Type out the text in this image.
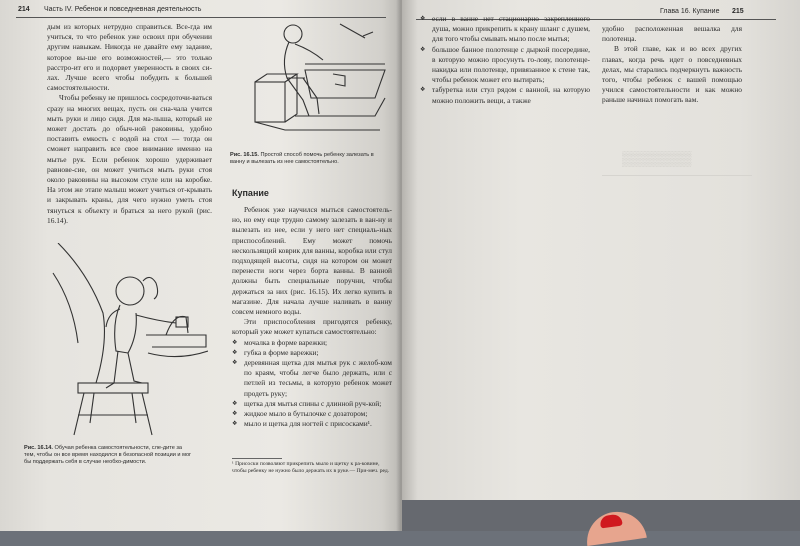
214 Часть IV. Ребенок и повседневная деятельность

дым из которых нетрудно справиться. Все-гда им учиться, то что ребенок уже освоил при обучении другим навыкам. Никогда не давайте ему задание, которое вы-ше его возможностей,— это только расстро-ит его и подорвет уверенность в своих си-лах. Лучше всего чтобы побудить к большей самостоятельности.

Чтобы ребенку не пришлось сосредоточи-ваться сразу на многих вещах, пусть он сна-чала учится мыть руки и лицо сидя. Для ма-лыша, который не может достать до обыч-ной раковины, удобно поставить емкость с водой на стол — тогда он сможет направить все свое внимание именно на мытье рук. Если ребенок хорошо удерживает равнове-сие, он может учиться мыть руки стоя около раковины на высоком стуле или на коробке. На этом же этапе малыш может учиться от-крывать и закрывать краны, для чего нужно уметь стоя тянуться к объекту и браться за него рукой (рис. 16.14).

Рис. 16.14. Обучая ребенка самостоятельности, сле-дите за тем, чтобы он все время находился в безопасной позиции и мог бы поддержать себя в случае необхо-димости.
Рис. 16.15. Простой способ помочь ребенку залезать в ванну и вылезать из нее самостоятельно.
Купание

Ребенок уже научился мыться самостоятель-но, но ему еще трудно самому залезать в ван-ну и вылезать из нее, если у него нет специаль-ных приспособлений. Ему может помочь нескользящий коврик для ванны, коробка или стул подходящей высоты, сидя на котором он может перенести ноги через борта ванны. В ванной должны быть специальные поручни, чтобы держаться за них (рис. 16.15). Их легко купить в магазине. Для начала лучше наливать в ванну совсем немного воды.

Эти приспособления пригодятся ребенку, который уже может купаться самостоятельно:

❖ мочалка в форме варежки;
❖ губка в форме варежки;
❖ деревянная щетка для мытья рук с желоб-ком по краям, чтобы легче было держать, или с петлей из тесьмы, в которую ребенок может продеть руку;
❖ щетка для мытья спины с длинной руч-кой;
❖ жидкое мыло в бутылочке с дозатором;
❖ мыло и щетка для ногтей с присосками¹.
¹ Присоски позволяют прикрепить мыло и щетку к ра-ковине, чтобы ребенку не нужно было держать их в руке.— При-меч. ред.
Глава 16. Купание 215
❖ если в ванне нет стационарно закрепленного душа, можно прикрепить к крану шланг с душем, для того чтобы смывать мыло после мытья;
❖ большое банное полотенце с дыркой посередине, в которую можно просунуть го-лову, полотенце-накидка или полотенце, привязанное к стене так, чтобы ребенок может его вытирать;
❖ табуретка или стул рядом с ванной, на которую можно положить вещи, а также

удобно расположенная вешалка для полотенца.

В этой главе, как и во всех других главах, когда речь идет о повседневных делах, мы старались подчеркнуть важность того, чтобы ребенок с вашей помощью учился самостоятельности и как можно раньше начинал помогать вам.

▒▒▒▒▒▒▒
